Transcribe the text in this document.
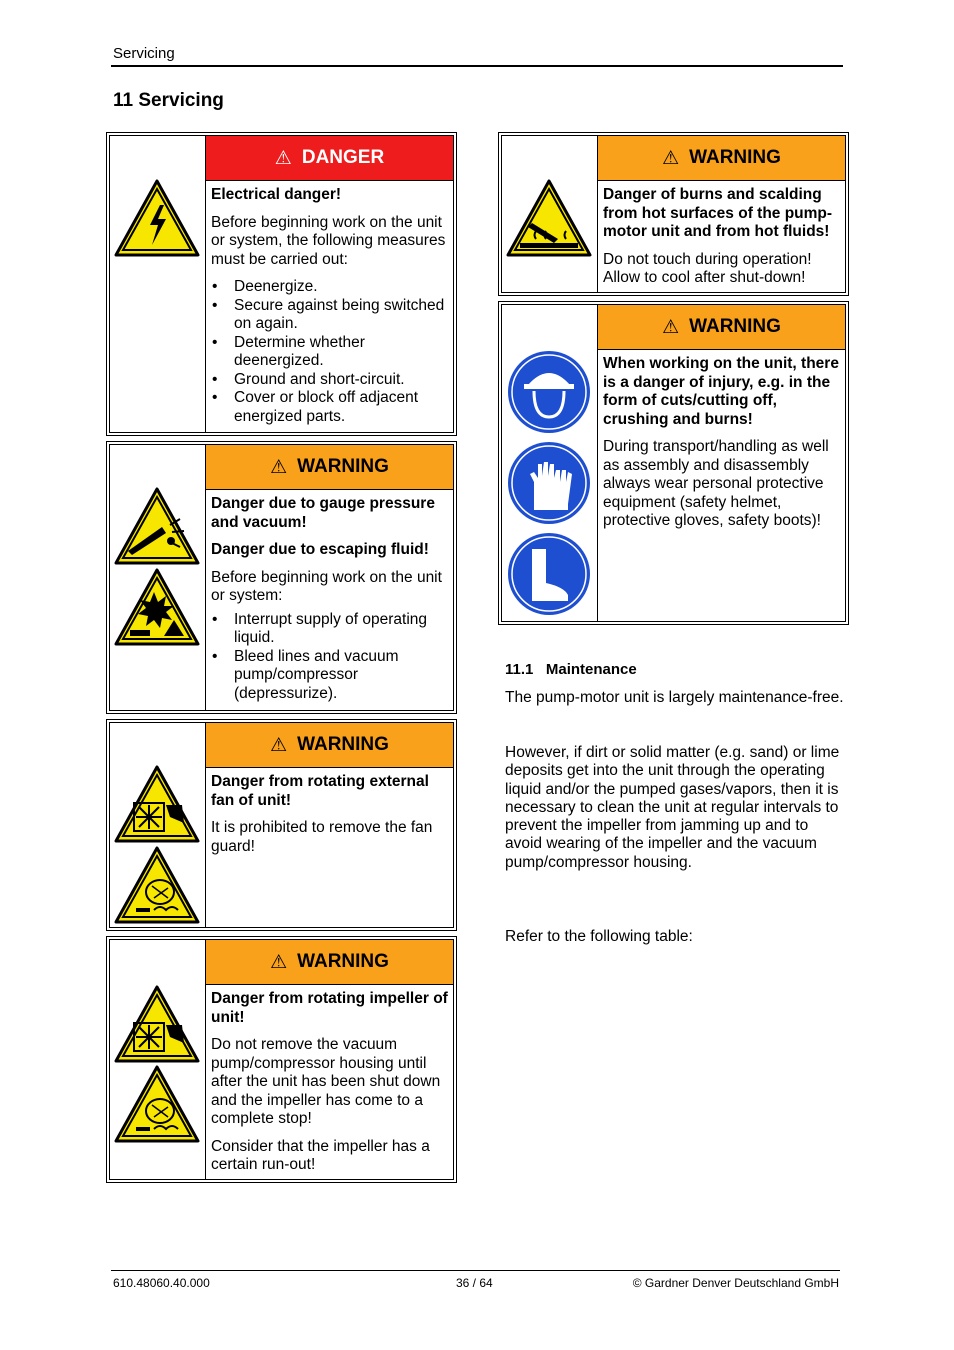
Servicing
11 Servicing
⚠ DANGER

Electrical danger!

Before beginning work on the unit or system, the following measures must be carried out:

• Deenergize.
• Secure against being switched on again.
• Determine whether deenergized.
• Ground and short-circuit.
• Cover or block off adjacent energized parts.
⚠ WARNING

Danger due to gauge pressure and vacuum!

Danger due to escaping fluid!

Before beginning work on the unit or system:

• Interrupt supply of operating liquid.
• Bleed lines and vacuum pump/compressor (depressurize).
⚠ WARNING

Danger from rotating external fan of unit!

It is prohibited to remove the fan guard!

⚠ WARNING

Danger from rotating impeller of unit!

Do not remove the vacuum pump/compressor housing until after the unit has been shut down and the impeller has come to a complete stop!

Consider that the impeller has a certain run-out!

⚠ WARNING

Danger of burns and scalding from hot surfaces of the pump-motor unit and from hot fluids!

Do not touch during operation! Allow to cool after shut-down!

⚠ WARNING

When working on the unit, there is a danger of injury, e.g. in the form of cuts/cutting off, crushing and burns!

During transport/handling as well as assembly and disassembly always wear personal protective equipment (safety helmet, protective gloves, safety boots)!

11.1   Maintenance
The pump-motor unit is largely maintenance-free.
However, if dirt or solid matter (e.g. sand) or lime deposits get into the unit through the operating liquid and/or the pumped gases/vapors, then it is necessary to clean the unit at regular intervals to prevent the impeller from jamming up and to avoid wearing of the impeller and the vacuum pump/compressor housing.
Refer to the following table:
610.48060.40.000	36 / 64	© Gardner Denver Deutschland GmbH
